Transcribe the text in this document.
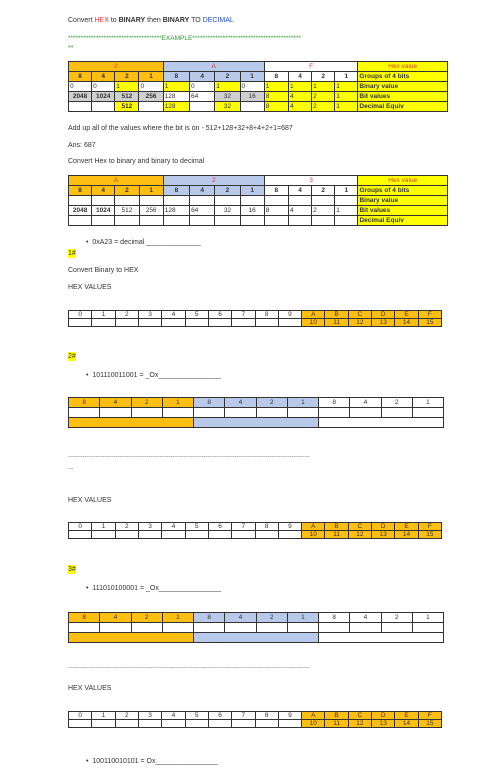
Convert HEX to BINARY then BINARY TO DECIMAL
*************************************EXAMPLE*******************************************
**
2				A				F				Hex value
8	4	2	1	8	4	2	1	8	4	2	1	Groups of 4 bits
0	0	1	0	1	0	1	0	1	1	1	1	Binary value
2048	1024	512	256	128	64	32	16	8	4	2	1	Bit values
		512		128		32		8	4	2	1	Decimal Equiv
Add up all of the values where the bit is on - 512+128+32+8+4+2+1=687
Ans: 687
Convert Hex to binary and binary to decimal
A				2				3				Hex value
8	4	2	1	8	4	2	1	8	4	2	1	Groups of 4 bits
												Binary value
2048	1024	512	256	128	64	32	16	8	4	2	1	Bit values
												Decimal Equiv
• 0xA23 = decimal ______________
1#
Convert Binary to HEX
HEX VALUES
0	1	2	3	4	5	6	7	8	9	A	B	C	D	E	F
										10	11	12	13	14	15
2#
• 101110011001 = _Ox________________
8	4	2	1	8	4	2	1	8	4	2	1

------------------------------------------------------------------------------------------------------------------------------------
---
HEX VALUES
0	1	2	3	4	5	6	7	8	9	A	B	C	D	E	F
										10	11	12	13	14	15
3#
• 111010100001 = _Ox________________
8	4	2	1	8	4	2	1	8	4	2	1

------------------------------------------------------------------------------------------------------------------------------------
HEX VALUES
0	1	2	3	4	5	6	7	8	9	A	B	C	D	E	F
										10	11	12	13	14	15
• 100110010101 = Ox________________
